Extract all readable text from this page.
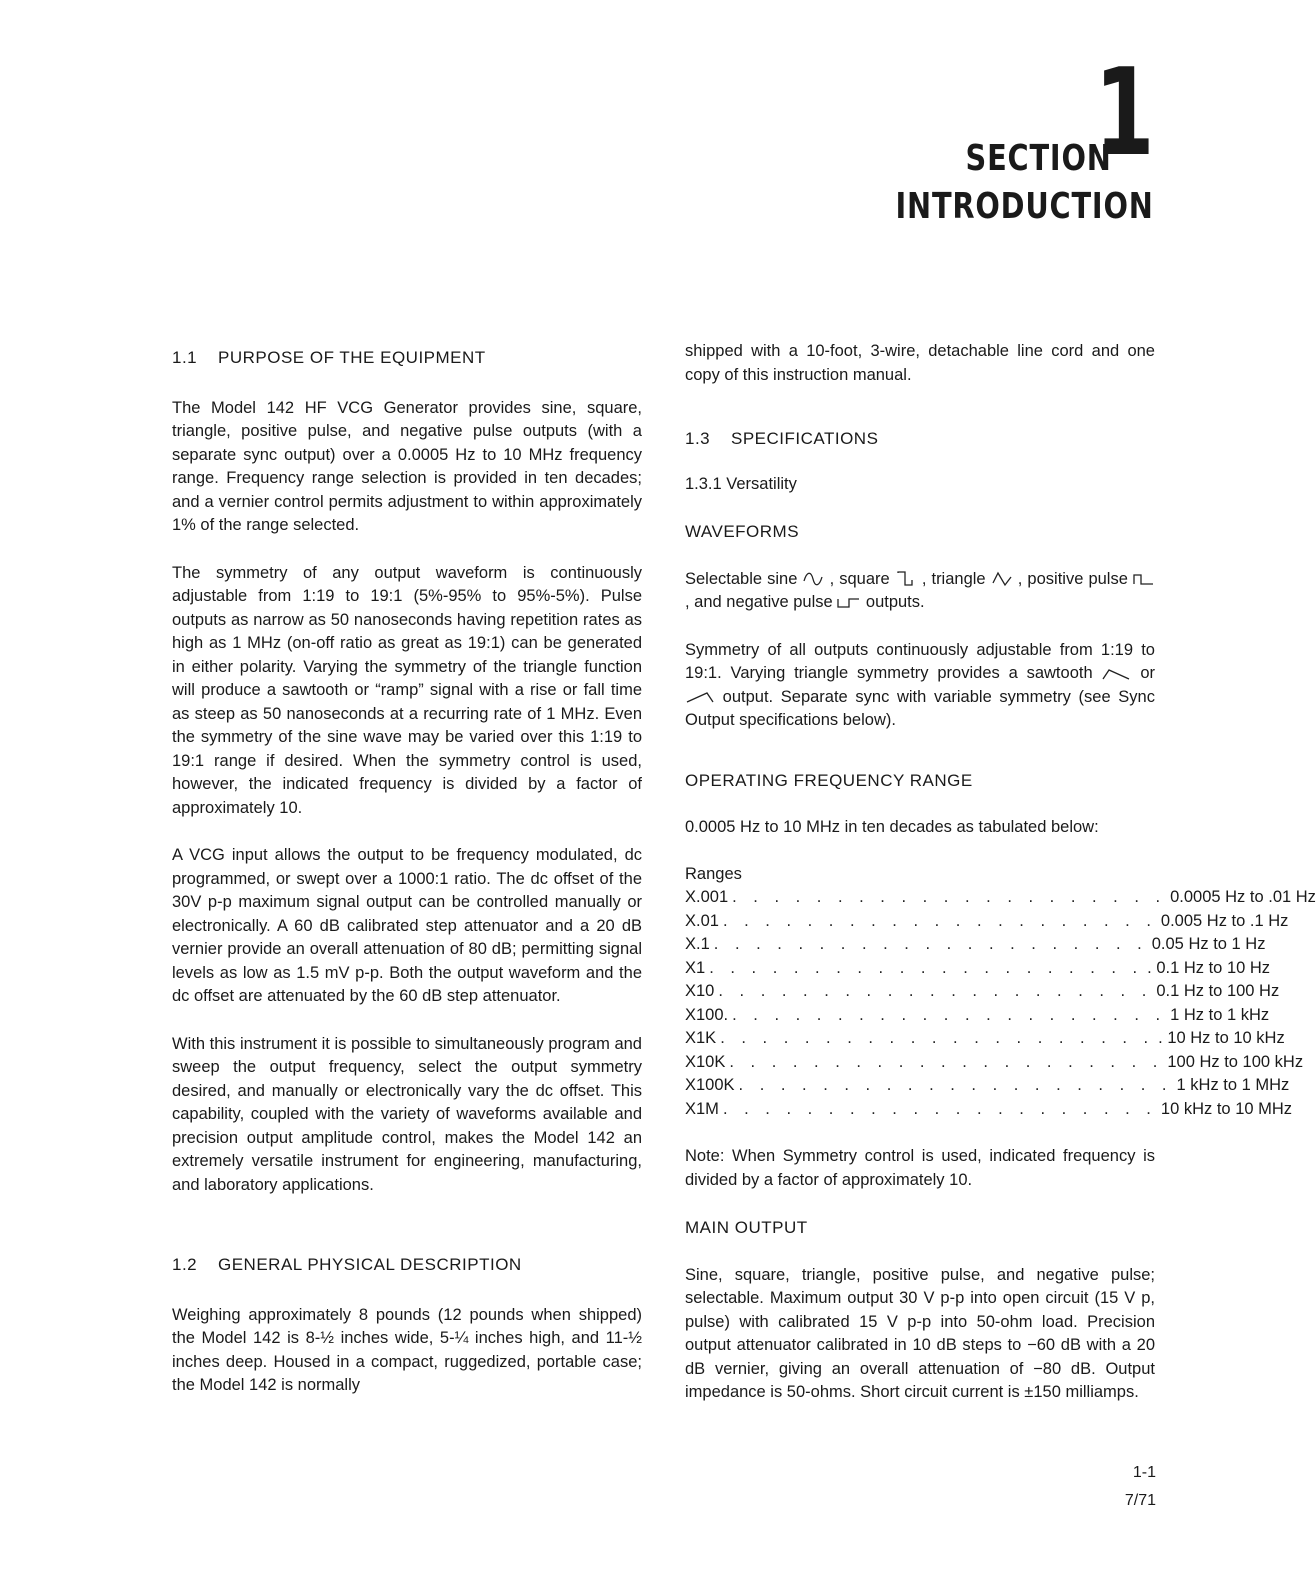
1
SECTION
INTRODUCTION
1.1 PURPOSE OF THE EQUIPMENT

The Model 142 HF VCG Generator provides sine, square, triangle, positive pulse, and negative pulse outputs (with a separate sync output) over a 0.0005 Hz to 10 MHz frequency range. Frequency range selection is provided in ten decades; and a vernier control permits adjustment to within approximately 1% of the range selected.

The symmetry of any output waveform is continuously adjustable from 1:19 to 19:1 (5%-95% to 95%-5%). Pulse outputs as narrow as 50 nanoseconds having repetition rates as high as 1 MHz (on-off ratio as great as 19:1) can be generated in either polarity. Varying the symmetry of the triangle function will produce a sawtooth or “ramp” signal with a rise or fall time as steep as 50 nanoseconds at a recurring rate of 1 MHz. Even the symmetry of the sine wave may be varied over this 1:19 to 19:1 range if desired. When the symmetry control is used, however, the indicated frequency is divided by a factor of approximately 10.

A VCG input allows the output to be frequency modulated, dc programmed, or swept over a 1000:1 ratio. The dc offset of the 30V p-p maximum signal output can be controlled manually or electronically. A 60 dB calibrated step attenuator and a 20 dB vernier provide an overall attenuation of 80 dB; permitting signal levels as low as 1.5 mV p-p. Both the output waveform and the dc offset are attenuated by the 60 dB step attenuator.

With this instrument it is possible to simultaneously program and sweep the output frequency, select the output symmetry desired, and manually or electronically vary the dc offset. This capability, coupled with the variety of waveforms available and precision output amplitude control, makes the Model 142 an extremely versatile instrument for engineering, manufacturing, and laboratory applications.

1.2 GENERAL PHYSICAL DESCRIPTION

Weighing approximately 8 pounds (12 pounds when shipped) the Model 142 is 8-½ inches wide, 5-¼ inches high, and 11-½ inches deep. Housed in a compact, ruggedized, portable case; the Model 142 is normally

shipped with a 10-foot, 3-wire, detachable line cord and one copy of this instruction manual.

1.3 SPECIFICATIONS
1.3.1 Versatility
WAVEFORMS

Selectable sine , square , triangle , positive pulse  , and negative pulse outputs.

Symmetry of all outputs continuously adjustable from 1:19 to 19:1. Varying triangle symmetry provides a sawtooth	or  output. Separate sync with variable symmetry (see Sync Output specifications below).

OPERATING FREQUENCY RANGE

0.0005 Hz to 10 MHz in ten decades as tabulated below:

Ranges
X.001 . . . . . . . . . . . . . . . . . . . . . 0.0005 Hz to .01 Hz
X.01 . . . . . . . . . . . . . . . . . . . . . 0.005 Hz to .1 Hz
X.1 . . . . . . . . . . . . . . . . . . . . . 0.05 Hz to 1 Hz
X1 . . . . . . . . . . . . . . . . . . . . . . 0.1 Hz to 10 Hz
X10 . . . . . . . . . . . . . . . . . . . . . 0.1 Hz to 100 Hz
X100. . . . . . . . . . . . . . . . . . . . . . 1 Hz to 1 kHz
X1K . . . . . . . . . . . . . . . . . . . . . . 10 Hz to 10 kHz
X10K . . . . . . . . . . . . . . . . . . . . . 100 Hz to 100 kHz
X100K . . . . . . . . . . . . . . . . . . . . . 1 kHz to 1 MHz
X1M . . . . . . . . . . . . . . . . . . . . . 10 kHz to 10 MHz

Note: When Symmetry control is used, indicated frequency is divided by a factor of approximately 10.

MAIN OUTPUT

Sine, square, triangle, positive pulse, and negative pulse; selectable. Maximum output 30 V p-p into open circuit (15 V p, pulse) with calibrated 15 V p-p into 50-ohm load. Precision output attenuator calibrated in 10 dB steps to −60 dB with a 20 dB vernier, giving an overall attenuation of −80 dB. Output impedance is 50-ohms. Short circuit current is ±150 milliamps.

1-1
7/71
